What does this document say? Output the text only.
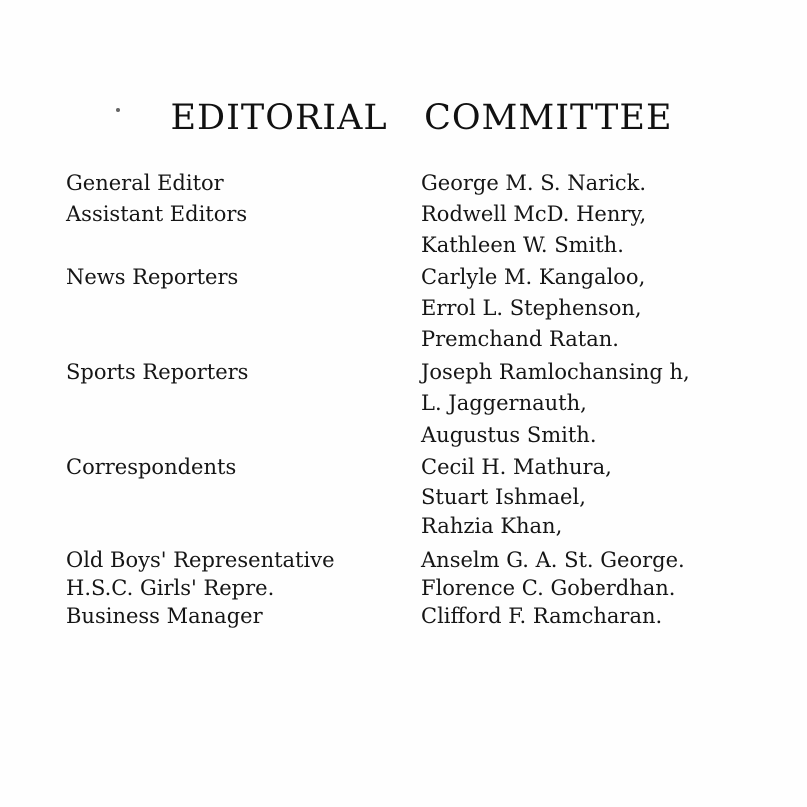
EDITORIAL COMMITTEE
General Editor	George M. S. Narick.
Assistant Editors	Rodwell McD. Henry,
Kathleen W. Smith.
News Reporters	Carlyle M. Kangaloo,
Errol L. Stephenson,
Premchand Ratan.
Sports Reporters	Joseph Ramlochansing h,
L. Jaggernauth,
Augustus Smith.
Correspondents	Cecil H. Mathura,
Stuart Ishmael,
Rahzia Khan,
Old Boys' Representative	Anselm G. A. St. George.
H.S.C. Girls' Repre.	Florence C. Goberdhan.
Business Manager	Clifford F. Ramcharan.
